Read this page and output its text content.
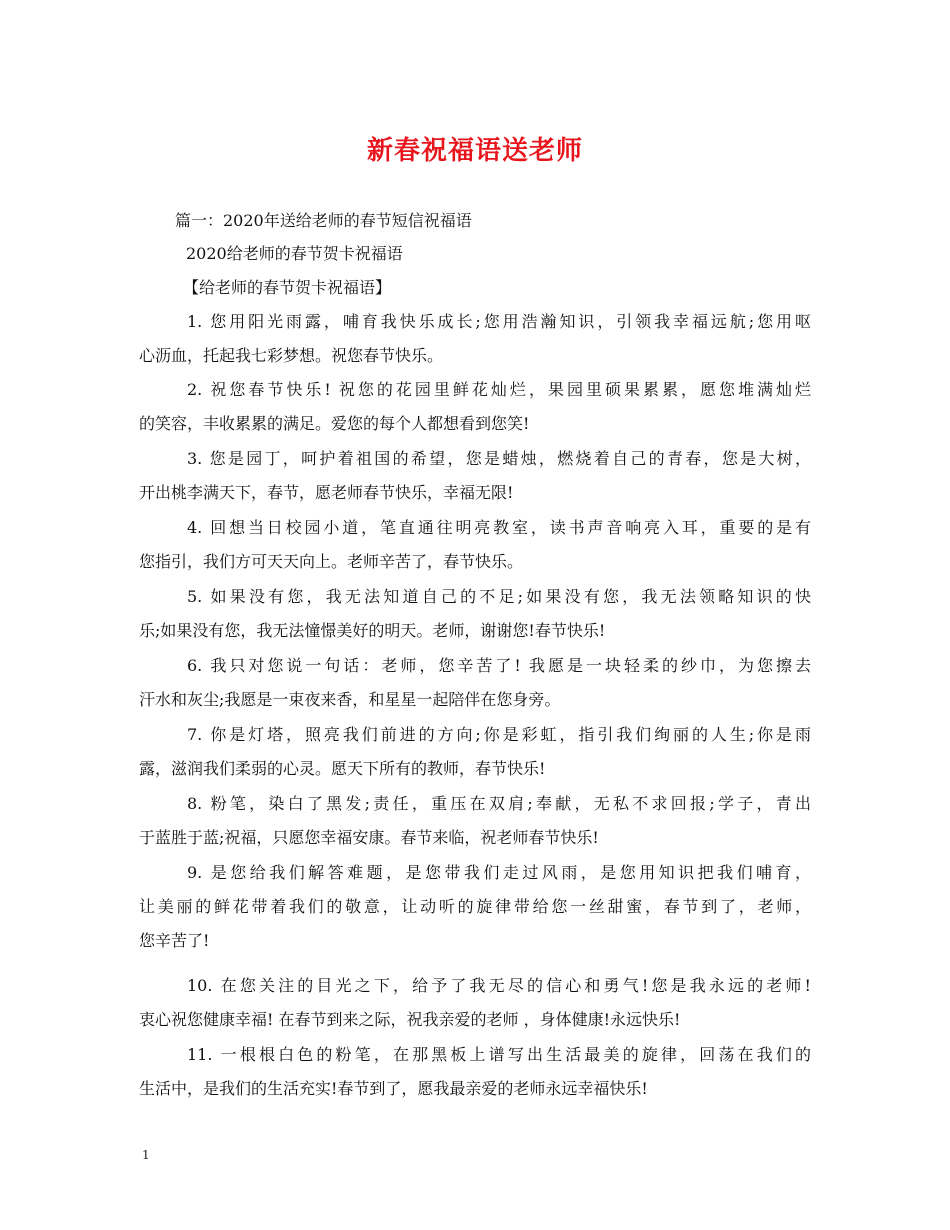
新春祝福语送老师
篇一：2020年送给老师的春节短信祝福语
2020给老师的春节贺卡祝福语
【给老师的春节贺卡祝福语】
1. 您用阳光雨露，哺育我快乐成长;您用浩瀚知识，引领我幸福远航;您用呕
心沥血，托起我七彩梦想。祝您春节快乐。
2. 祝您春节快乐! 祝您的花园里鲜花灿烂，果园里硕果累累，愿您堆满灿烂
的笑容，丰收累累的满足。爱您的每个人都想看到您笑!
3. 您是园丁，呵护着祖国的希望，您是蜡烛，燃烧着自己的青春，您是大树，
开出桃李满天下，春节，愿老师春节快乐，幸福无限!
4. 回想当日校园小道，笔直通往明亮教室，读书声音响亮入耳，重要的是有
您指引，我们方可天天向上。老师辛苦了，春节快乐。
5. 如果没有您，我无法知道自己的不足;如果没有您，我无法领略知识的快
乐;如果没有您，我无法憧憬美好的明天。老师，谢谢您!春节快乐!
6. 我只对您说一句话：老师，您辛苦了! 我愿是一块轻柔的纱巾，为您擦去
汗水和灰尘;我愿是一束夜来香，和星星一起陪伴在您身旁。
7. 你是灯塔，照亮我们前进的方向;你是彩虹，指引我们绚丽的人生;你是雨
露，滋润我们柔弱的心灵。愿天下所有的教师，春节快乐!
8. 粉笔，染白了黑发;责任，重压在双肩;奉献，无私不求回报;学子，青出
于蓝胜于蓝;祝福，只愿您幸福安康。春节来临，祝老师春节快乐!
9. 是您给我们解答难题，是您带我们走过风雨，是您用知识把我们哺育，
让美丽的鲜花带着我们的敬意，让动听的旋律带给您一丝甜蜜，春节到了，老师，
您辛苦了!
10. 在您关注的目光之下，给予了我无尽的信心和勇气!您是我永远的老师!
衷心祝您健康幸福! 在春节到来之际，祝我亲爱的老师 ，身体健康!永远快乐!
11. 一根根白色的粉笔，在那黑板上谱写出生活最美的旋律，回荡在我们的
生活中，是我们的生活充实!春节到了，愿我最亲爱的老师永远幸福快乐!
1
